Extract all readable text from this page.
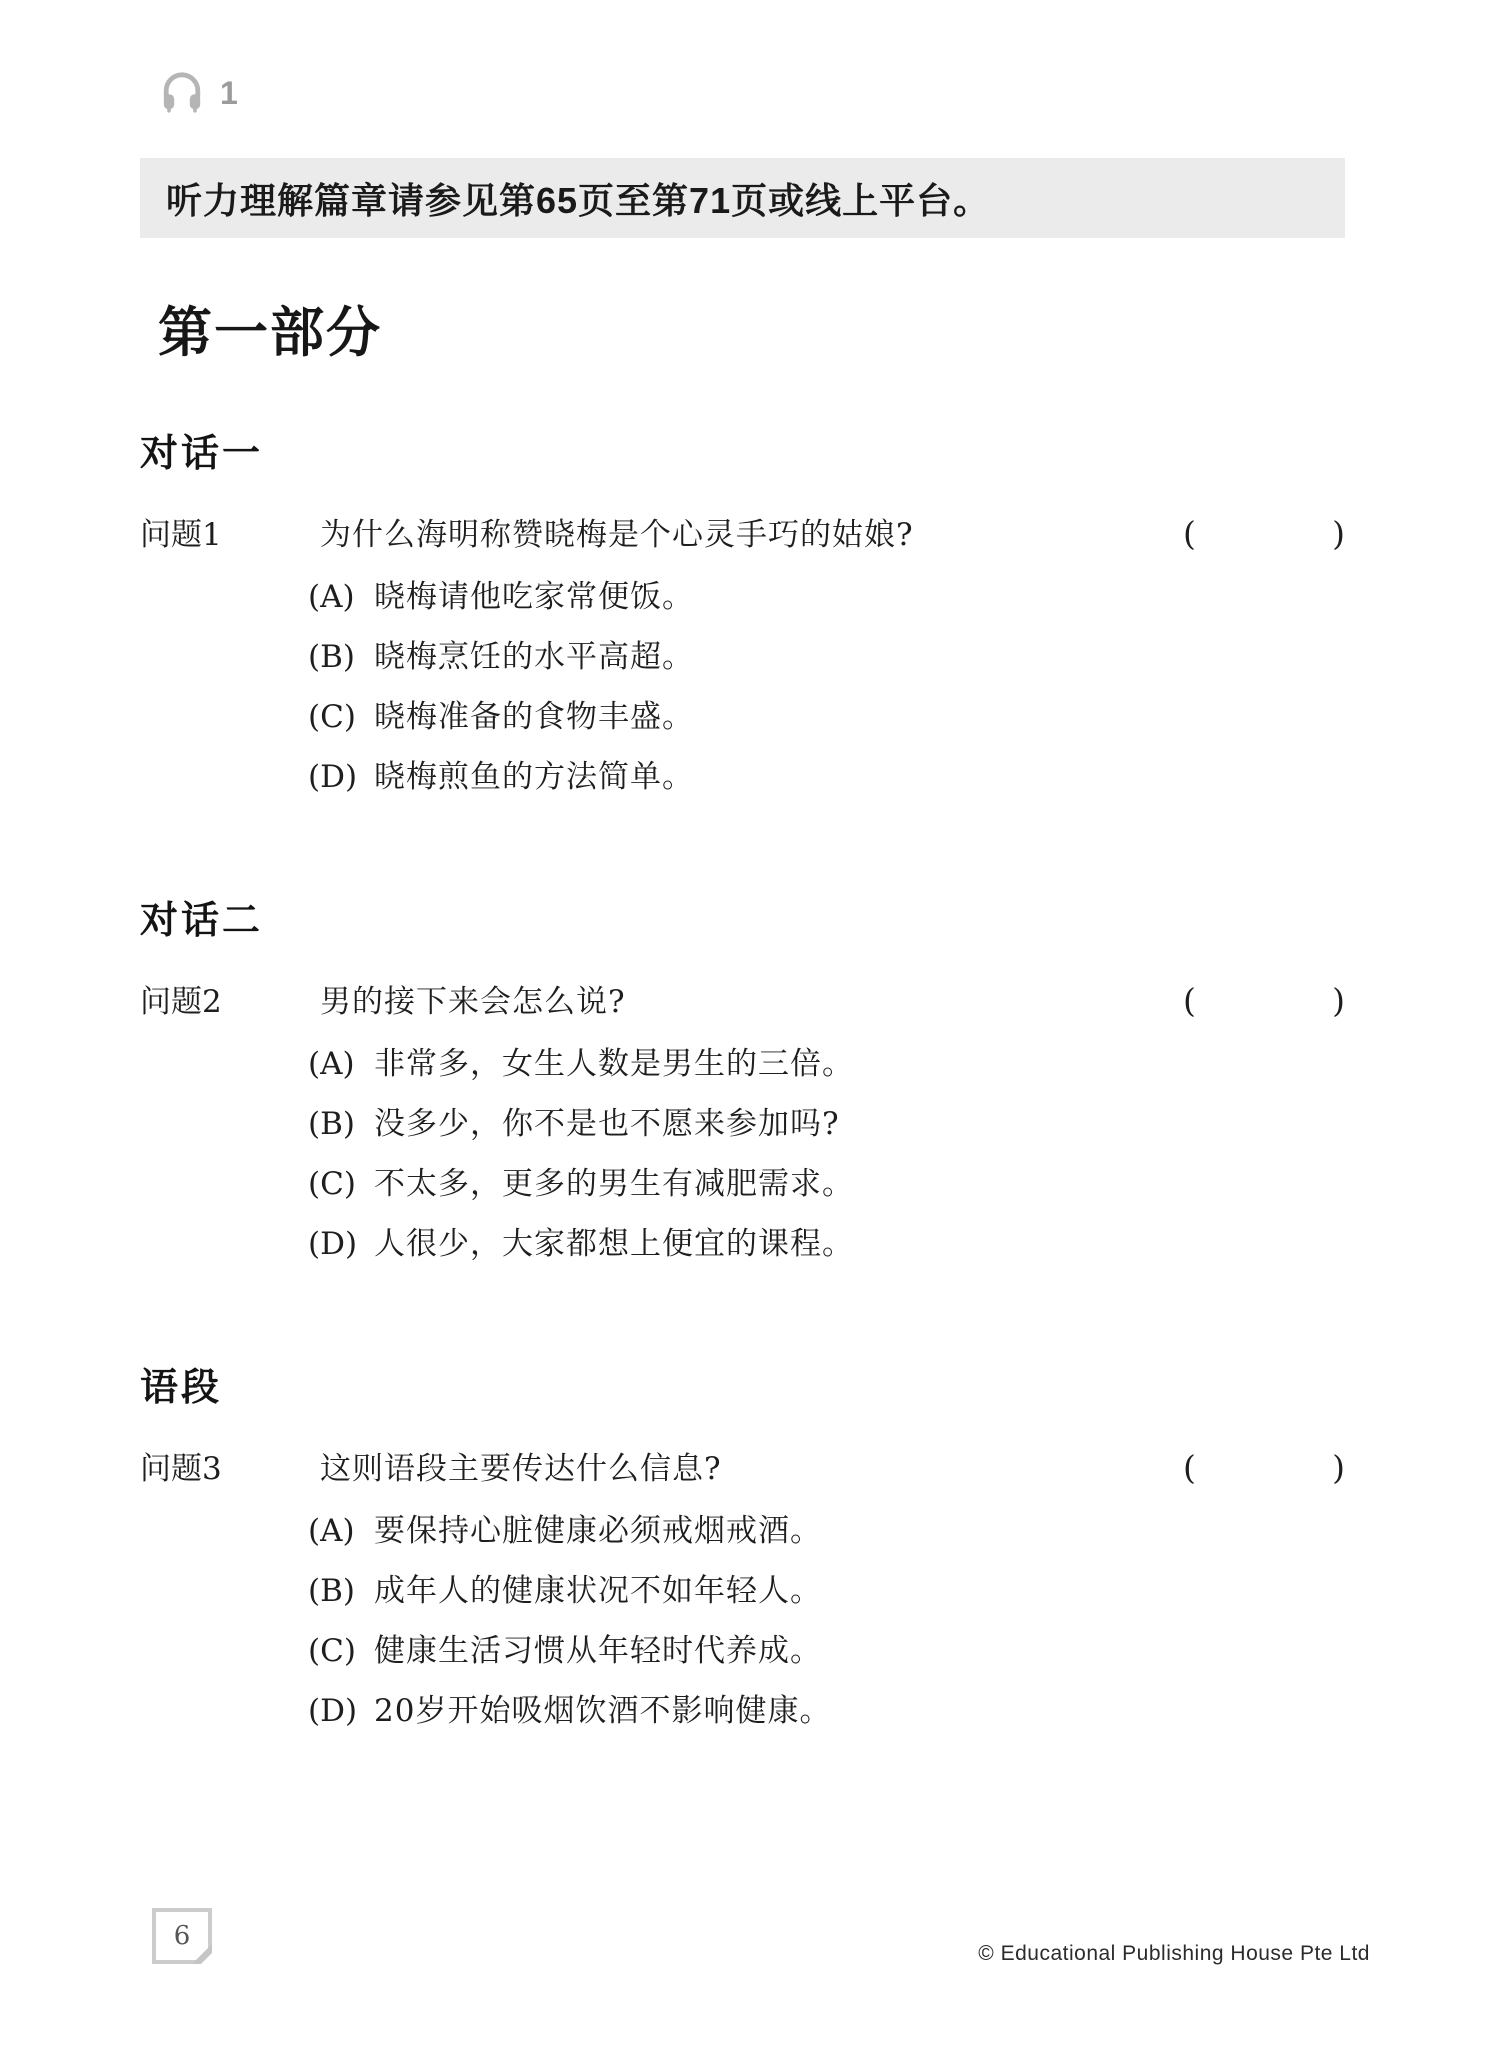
1
听力理解篇章请参见第65页至第71页或线上平台。
第一部分
对话一
问题1	为什么海明称赞晓梅是个心灵手巧的姑娘?	(	)
(A) 晓梅请他吃家常便饭。
(B) 晓梅烹饪的水平高超。
(C) 晓梅准备的食物丰盛。
(D) 晓梅煎鱼的方法简单。
对话二
问题2	男的接下来会怎么说?	(	)
(A) 非常多，女生人数是男生的三倍。
(B) 没多少，你不是也不愿来参加吗?
(C) 不太多，更多的男生有减肥需求。
(D) 人很少，大家都想上便宜的课程。
语段
问题3	这则语段主要传达什么信息?	(	)
(A) 要保持心脏健康必须戒烟戒酒。
(B) 成年人的健康状况不如年轻人。
(C) 健康生活习惯从年轻时代养成。
(D) 20岁开始吸烟饮酒不影响健康。
6
© Educational Publishing House Pte Ltd
